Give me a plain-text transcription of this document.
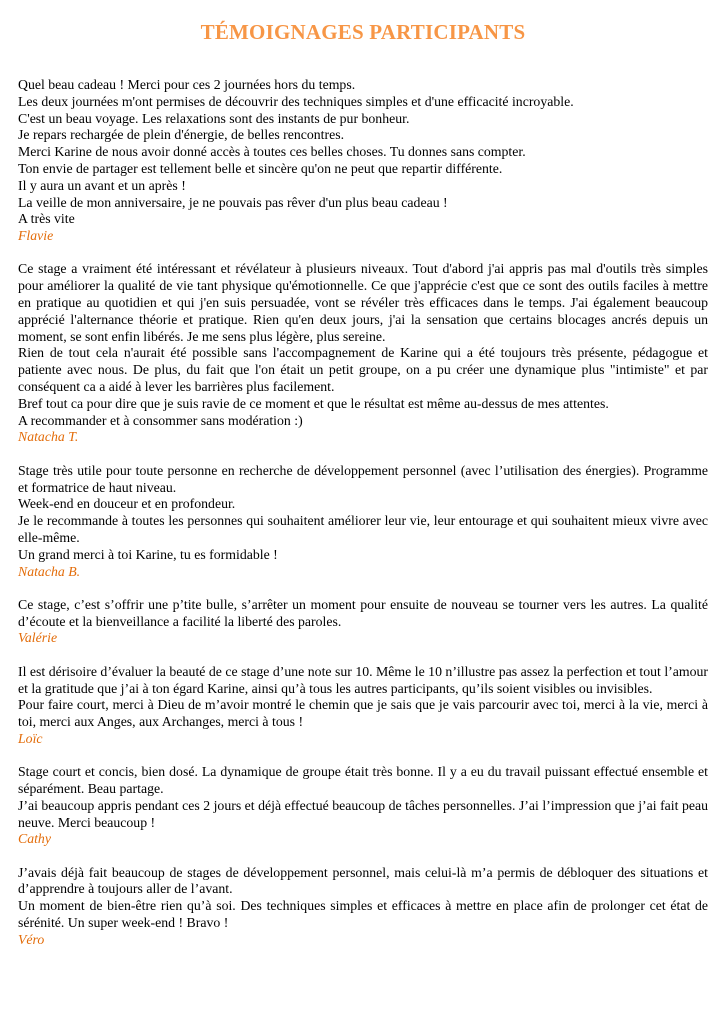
TÉMOIGNAGES PARTICIPANTS

Quel beau cadeau ! Merci pour ces 2 journées hors du temps.

Les deux journées m'ont permises de découvrir des techniques simples et d'une efficacité incroyable.

C'est un beau voyage. Les relaxations sont des instants de pur bonheur.

Je repars rechargée de plein d'énergie, de belles rencontres.

Merci Karine de nous avoir donné accès à toutes ces belles choses. Tu donnes sans compter.

Ton envie de partager est tellement belle et sincère qu'on ne peut que repartir différente.

Il y aura un avant et un après !

La veille de mon anniversaire, je ne pouvais pas rêver d'un plus beau cadeau !

A très vite

Flavie

Ce stage a vraiment été intéressant et révélateur à plusieurs niveaux. Tout d'abord j'ai appris pas mal d'outils très simples pour améliorer la qualité de vie tant physique qu'émotionnelle. Ce que j'apprécie c'est que ce sont des outils faciles à mettre en pratique au quotidien et qui j'en suis persuadée, vont se révéler très efficaces dans le temps. J'ai également beaucoup apprécié l'alternance théorie et pratique. Rien qu'en deux jours, j'ai la sensation que certains blocages ancrés depuis un moment, se sont enfin libérés. Je me sens plus légère, plus sereine.

Rien de tout cela n'aurait été possible sans l'accompagnement de Karine qui a été toujours très présente, pédagogue et patiente avec nous. De plus, du fait que l'on était un petit groupe, on a pu créer une dynamique plus "intimiste" et par conséquent ca a aidé à lever les barrières plus facilement.

Bref tout ca pour dire que je suis ravie de ce moment et que le résultat est même au-dessus de mes attentes.

A recommander et à consommer sans modération :)

Natacha T.

Stage très utile pour toute personne en recherche de développement personnel (avec l’utilisation des énergies). Programme et formatrice de haut niveau.

Week-end en douceur et en profondeur.

Je le recommande à toutes les personnes qui souhaitent améliorer leur vie, leur entourage et qui souhaitent mieux vivre avec elle-même.

Un grand merci à toi Karine, tu es formidable !

Natacha B.

Ce stage, c’est s’offrir une p’tite bulle, s’arrêter un moment pour ensuite de nouveau se tourner vers les autres. La qualité d’écoute et la bienveillance a facilité la liberté des paroles.

Valérie

Il est dérisoire d’évaluer la beauté de ce stage d’une note sur 10. Même le 10 n’illustre pas assez la perfection et tout l’amour et la gratitude que j’ai à ton égard Karine, ainsi qu’à tous les autres participants, qu’ils soient visibles ou invisibles.

Pour faire court, merci à Dieu de m’avoir montré le chemin que je sais que je vais parcourir avec toi, merci à la vie, merci à toi, merci aux Anges, aux Archanges, merci à tous !

Loïc

Stage court et concis, bien dosé. La dynamique de groupe était très bonne. Il y a eu du travail puissant effectué ensemble et séparément. Beau partage.

J’ai beaucoup appris pendant ces 2 jours et déjà effectué beaucoup de tâches personnelles. J’ai l’impression que j’ai fait peau neuve. Merci beaucoup !

Cathy

J’avais déjà fait beaucoup de stages de développement personnel, mais celui-là m’a permis de débloquer des situations et d’apprendre à toujours aller de l’avant.

Un moment de bien-être rien qu’à soi. Des techniques simples et efficaces à mettre en place afin de prolonger cet état de sérénité. Un super week-end ! Bravo !

Véro
